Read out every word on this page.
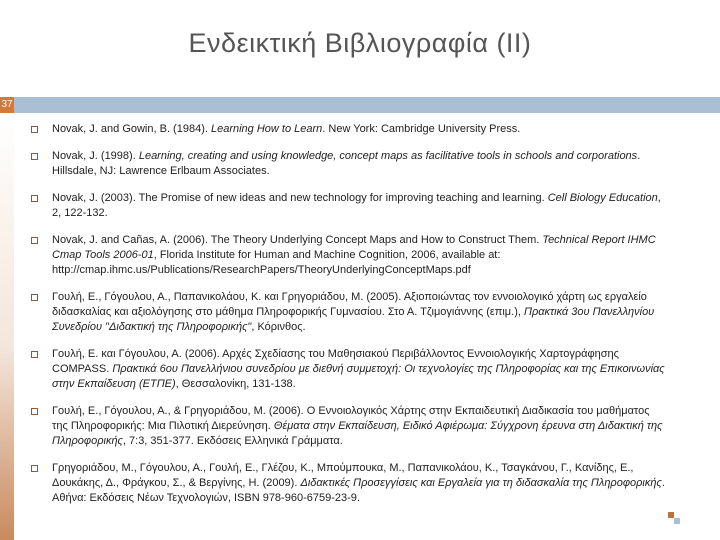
Ενδεικτική Βιβλιογραφία (ΙΙ)
37
Novak, J. and Gowin, B. (1984). Learning How to Learn. New York: Cambridge University Press.
Novak, J. (1998). Learning, creating and using knowledge, concept maps as facilitative tools in schools and corporations. Hillsdale, NJ: Lawrence Erlbaum Associates.
Novak, J. (2003). The Promise of new ideas and new technology for improving teaching and learning. Cell Biology Education, 2, 122-132.
Novak, J. and Cañas, A. (2006). The Theory Underlying Concept Maps and How to Construct Them. Technical Report IHMC Cmap Tools 2006-01, Florida Institute for Human and Machine Cognition, 2006, available at: http://cmap.ihmc.us/Publications/ResearchPapers/TheoryUnderlyingConceptMaps.pdf
Γουλή, Ε., Γόγουλου, Α., Παπανικολάου, Κ. και Γρηγοριάδου, Μ. (2005). Αξιοποιώντας τον εννοιολογικό χάρτη ως εργαλείο διδασκαλίας και αξιολόγησης στο μάθημα Πληροφορικής Γυμνασίου. Στο Α. Τζιμογιάννης (επιμ.), Πρακτικά 3ου Πανελληνίου Συνεδρίου "Διδακτική της Πληροφορικής", Κόρινθος.
Γουλή, Ε. και Γόγουλου, Α. (2006). Αρχές Σχεδίασης του Μαθησιακού Περιβάλλοντος Εννοιολογικής Χαρτογράφησης COMPASS. Πρακτικά 6ου Πανελλήνιου συνεδρίου με διεθνή συμμετοχή: Οι τεχνολογίες της Πληροφορίας και της Επικοινωνίας στην Εκπαίδευση (ΕΤΠΕ), Θεσσαλονίκη, 131-138.
Γουλή, Ε., Γόγουλου, Α., & Γρηγοριάδου, Μ. (2006). Ο Εννοιολογικός Χάρτης στην Εκπαιδευτική Διαδικασία του μαθήματος της Πληροφορικής: Μια Πιλοτική Διερεύνηση. Θέματα στην Εκπαίδευση, Ειδικό Αφιέρωμα: Σύγχρονη έρευνα στη Διδακτική της Πληροφορικής, 7:3, 351-377. Εκδόσεις Ελληνικά Γράμματα.
Γρηγοριάδου, Μ., Γόγουλου, Α., Γουλή, Ε., Γλέζου, Κ., Μπούμπουκα, Μ., Παπανικολάου, Κ., Τσαγκάνου, Γ., Κανίδης, Ε., Δουκάκης, Δ., Φράγκου, Σ., & Βεργίνης, Η. (2009). Διδακτικές Προσεγγίσεις και Εργαλεία για τη διδασκαλία της Πληροφορικής. Αθήνα: Εκδόσεις Νέων Τεχνολογιών, ISBN 978-960-6759-23-9.
